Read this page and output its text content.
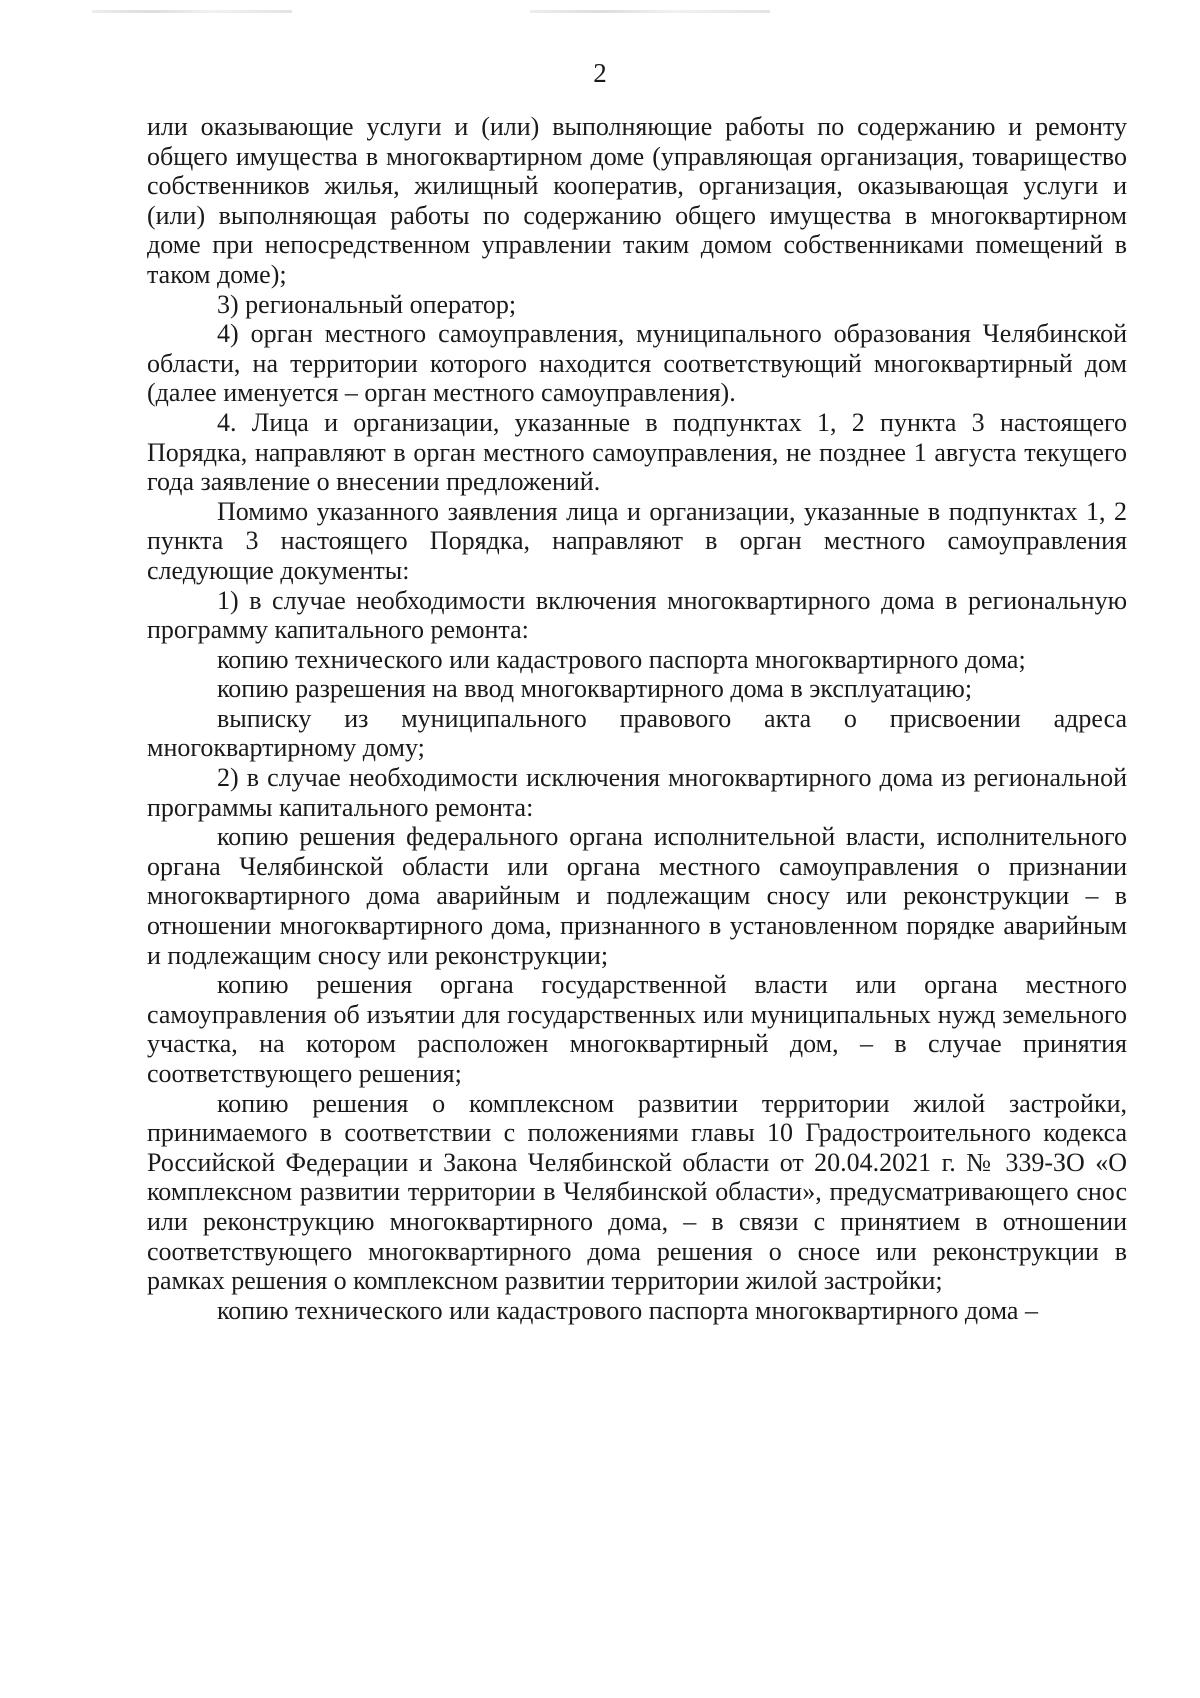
2

или оказывающие услуги и (или) выполняющие работы по содержанию и ремонту общего имущества в многоквартирном доме (управляющая организация, товарищество собственников жилья, жилищный кооператив, организация, оказывающая услуги и (или) выполняющая работы по содержанию общего имущества в многоквартирном доме при непосредственном управлении таким домом собственниками помещений в таком доме);

3) региональный оператор;

4) орган местного самоуправления, муниципального образования Челябинской области, на территории которого находится соответствующий многоквартирный дом (далее именуется – орган местного самоуправления).

4. Лица и организации, указанные в подпунктах 1, 2 пункта 3 настоящего Порядка, направляют в орган местного самоуправления, не позднее 1 августа текущего года заявление о внесении предложений.

Помимо указанного заявления лица и организации, указанные в подпунктах 1, 2 пункта 3 настоящего Порядка, направляют в орган местного самоуправления следующие документы:

1) в случае необходимости включения многоквартирного дома в региональную программу капитального ремонта:

копию технического или кадастрового паспорта многоквартирного дома;

копию разрешения на ввод многоквартирного дома в эксплуатацию;

выписку из муниципального правового акта о присвоении адреса многоквартирному дому;

2) в случае необходимости исключения многоквартирного дома из региональной программы капитального ремонта:

копию решения федерального органа исполнительной власти, исполнительного органа Челябинской области или органа местного самоуправления о признании многоквартирного дома аварийным и подлежащим сносу или реконструкции – в отношении многоквартирного дома, признанного в установленном порядке аварийным и подлежащим сносу или реконструкции;

копию решения органа государственной власти или органа местного самоуправления об изъятии для государственных или муниципальных нужд земельного участка, на котором расположен многоквартирный дом, – в случае принятия соответствующего решения;

копию решения о комплексном развитии территории жилой застройки, принимаемого в соответствии с положениями главы 10 Градостроительного кодекса Российской Федерации и Закона Челябинской области от 20.04.2021 г. № 339-ЗО «О комплексном развитии территории в Челябинской области», предусматривающего снос или реконструкцию многоквартирного дома, – в связи с принятием в отношении соответствующего многоквартирного дома решения о сносе или реконструкции в рамках решения о комплексном развитии территории жилой застройки;

копию технического или кадастрового паспорта многоквартирного дома –
